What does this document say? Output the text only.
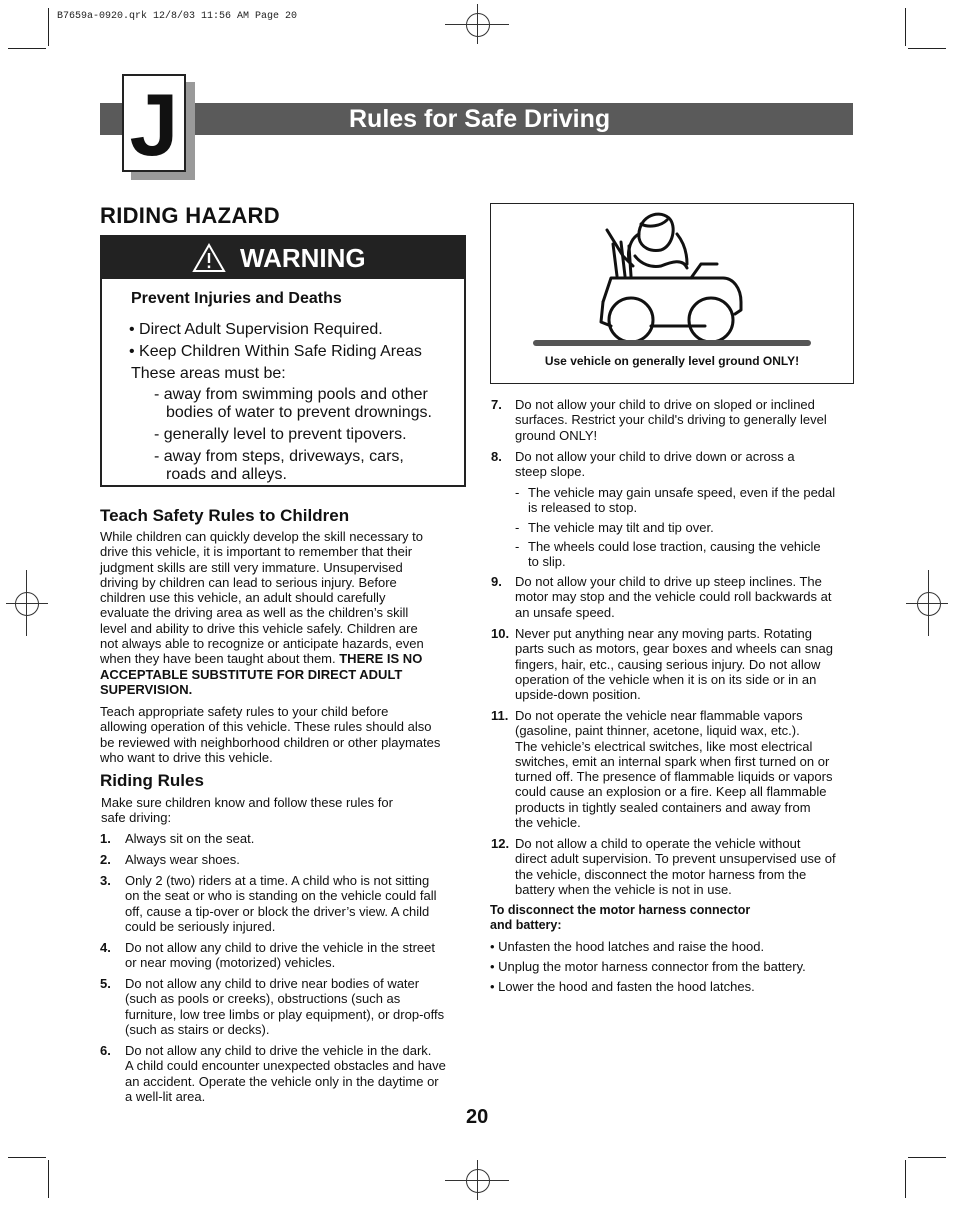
B7659a-0920.qrk 12/8/03 11:56 AM Page 20
Rules for Safe Driving
J
RIDING HAZARD
WARNING
Prevent Injuries and Deaths
• Direct Adult Supervision Required.
• Keep Children Within Safe Riding Areas
These areas must be:
- away from swimming pools and other
bodies of water to prevent drownings.
- generally level to prevent tipovers.
- away from steps, driveways, cars,
roads and alleys.
Teach Safety Rules to Children
While children can quickly develop the skill necessary to
drive this vehicle, it is important to remember that their
judgment skills are still very immature. Unsupervised
driving by children can lead to serious injury. Before
children use this vehicle, an adult should carefully
evaluate the driving area as well as the children’s skill
level and ability to drive this vehicle safely. Children are
not always able to recognize or anticipate hazards, even
when they have been taught about them. THERE IS NO
ACCEPTABLE SUBSTITUTE FOR DIRECT ADULT
SUPERVISION.
Teach appropriate safety rules to your child before
allowing operation of this vehicle. These rules should also
be reviewed with neighborhood children or other playmates
who want to drive this vehicle.
Riding Rules
Make sure children know and follow these rules for
safe driving:
1. Always sit on the seat.
2. Always wear shoes.
3. Only 2 (two) riders at a time. A child who is not sitting
on the seat or who is standing on the vehicle could fall
off, cause a tip-over or block the driver’s view. A child
could be seriously injured.
4. Do not allow any child to drive the vehicle in the street
or near moving (motorized) vehicles.
5. Do not allow any child to drive near bodies of water
(such as pools or creeks), obstructions (such as
furniture, low tree limbs or play equipment), or drop-offs
(such as stairs or decks).
6. Do not allow any child to drive the vehicle in the dark.
A child could encounter unexpected obstacles and have
an accident. Operate the vehicle only in the daytime or
a well-lit area.
Use vehicle on generally level ground ONLY!
7. Do not allow your child to drive on sloped or inclined
surfaces. Restrict your child's driving to generally level
ground ONLY!
8. Do not allow your child to drive down or across a
steep slope.
- The vehicle may gain unsafe speed, even if the pedal
is released to stop.
- The vehicle may tilt and tip over.
- The wheels could lose traction, causing the vehicle
to slip.
9. Do not allow your child to drive up steep inclines. The
motor may stop and the vehicle could roll backwards at
an unsafe speed.
10. Never put anything near any moving parts. Rotating
parts such as motors, gear boxes and wheels can snag
fingers, hair, etc., causing serious injury. Do not allow
operation of the vehicle when it is on its side or in an
upside-down position.
11. Do not operate the vehicle near flammable vapors
(gasoline, paint thinner, acetone, liquid wax, etc.).
The vehicle’s electrical switches, like most electrical
switches, emit an internal spark when first turned on or
turned off. The presence of flammable liquids or vapors
could cause an explosion or a fire. Keep all flammable
products in tightly sealed containers and away from
the vehicle.
12. Do not allow a child to operate the vehicle without
direct adult supervision. To prevent unsupervised use of
the vehicle, disconnect the motor harness from the
battery when the vehicle is not in use.
To disconnect the motor harness connector
and battery:
• Unfasten the hood latches and raise the hood.
• Unplug the motor harness connector from the battery.
• Lower the hood and fasten the hood latches.
20
